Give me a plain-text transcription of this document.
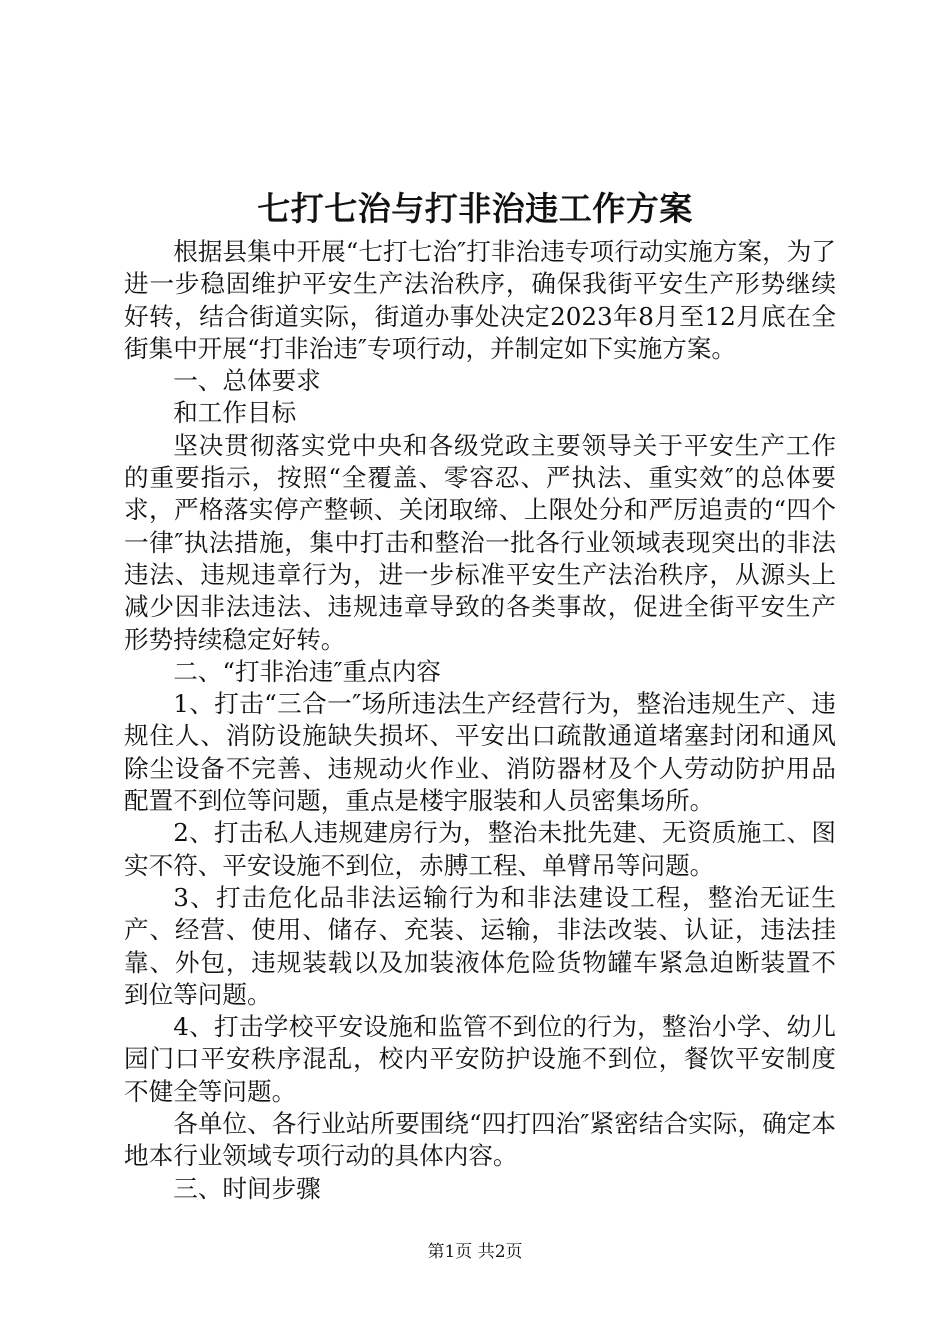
七打七治与打非治违工作方案

根据县集中开展“七打七治″打非治违专项行动实施方案，为了进一步稳固维护平安生产法治秩序，确保我街平安生产形势继续好转，结合街道实际，街道办事处决定2023年8月至12月底在全街集中开展“打非治违″专项行动，并制定如下实施方案。

一、总体要求

和工作目标

坚决贯彻落实党中央和各级党政主要领导关于平安生产工作的重要指示，按照“全覆盖、零容忍、严执法、重实效″的总体要求，严格落实停产整顿、关闭取缔、上限处分和严厉追责的“四个一律″执法措施，集中打击和整治一批各行业领域表现突出的非法违法、违规违章行为，进一步标准平安生产法治秩序，从源头上减少因非法违法、违规违章导致的各类事故，促进全街平安生产形势持续稳定好转。

二、“打非治违″重点内容

1、打击“三合一″场所违法生产经营行为，整治违规生产、违规住人、消防设施缺失损坏、平安出口疏散通道堵塞封闭和通风除尘设备不完善、违规动火作业、消防器材及个人劳动防护用品配置不到位等问题，重点是楼宇服装和人员密集场所。

2、打击私人违规建房行为，整治未批先建、无资质施工、图实不符、平安设施不到位，赤膊工程、单臂吊等问题。

3、打击危化品非法运输行为和非法建设工程，整治无证生产、经营、使用、储存、充装、运输，非法改装、认证，违法挂靠、外包，违规装载以及加装液体危险货物罐车紧急迫断装置不到位等问题。

4、打击学校平安设施和监管不到位的行为，整治小学、幼儿园门口平安秩序混乱，校内平安防护设施不到位，餐饮平安制度不健全等问题。

各单位、各行业站所要围绕“四打四治″紧密结合实际，确定本地本行业领域专项行动的具体内容。

三、时间步骤

第1页 共2页
